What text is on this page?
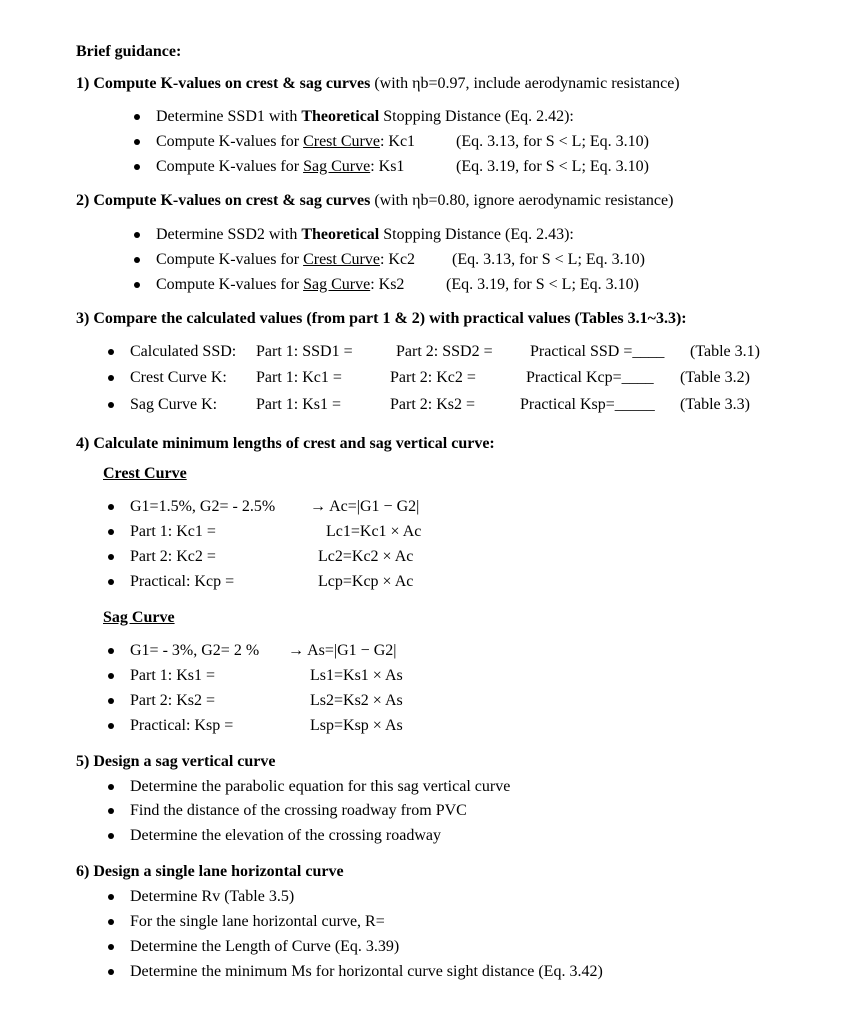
Brief guidance:
1) Compute K-values on crest & sag curves (with ηb=0.97, include aerodynamic resistance)
Determine SSD1 with Theoretical Stopping Distance (Eq. 2.42):
Compute K-values for Crest Curve: Kc1	(Eq. 3.13, for S < L; Eq. 3.10)
Compute K-values for Sag Curve: Ks1	(Eq. 3.19, for S < L; Eq. 3.10)
2) Compute K-values on crest & sag curves (with ηb=0.80, ignore aerodynamic resistance)
Determine SSD2 with Theoretical Stopping Distance (Eq. 2.43):
Compute K-values for Crest Curve: Kc2 (Eq. 3.13, for S < L; Eq. 3.10)
Compute K-values for Sag Curve: Ks2	(Eq. 3.19, for S < L; Eq. 3.10)
3) Compare the calculated values (from part 1 & 2) with practical values (Tables 3.1~3.3):
Calculated SSD: Part 1: SSD1 =	Part 2: SSD2 = Practical SSD =____ (Table 3.1)
Crest Curve K: Part 1: Kc1 =	Part 2: Kc2 =	Practical Kcp=____ (Table 3.2)
Sag Curve K: Part 1: Ks1 =	Part 2: Ks2 =	Practical Ksp=_____ (Table 3.3)
4) Calculate minimum lengths of crest and sag vertical curve:
Crest Curve
G1=1.5%, G2= - 2.5% → Ac=|G1 − G2|
Part 1: Kc1 =	Lc1=Kc1 × Ac
Part 2: Kc2 =	Lc2=Kc2 × Ac
Practical: Kcp =	Lcp=Kcp × Ac
Sag Curve
G1= - 3%, G2= 2 % → As=|G1 − G2|
Part 1: Ks1 =	Ls1=Ks1 × As
Part 2: Ks2 =	Ls2=Ks2 × As
Practical: Ksp =	Lsp=Ksp × As
5) Design a sag vertical curve
Determine the parabolic equation for this sag vertical curve
Find the distance of the crossing roadway from PVC
Determine the elevation of the crossing roadway
6) Design a single lane horizontal curve
Determine Rv (Table 3.5)
For the single lane horizontal curve, R=
Determine the Length of Curve (Eq. 3.39)
Determine the minimum Ms for horizontal curve sight distance (Eq. 3.42)
